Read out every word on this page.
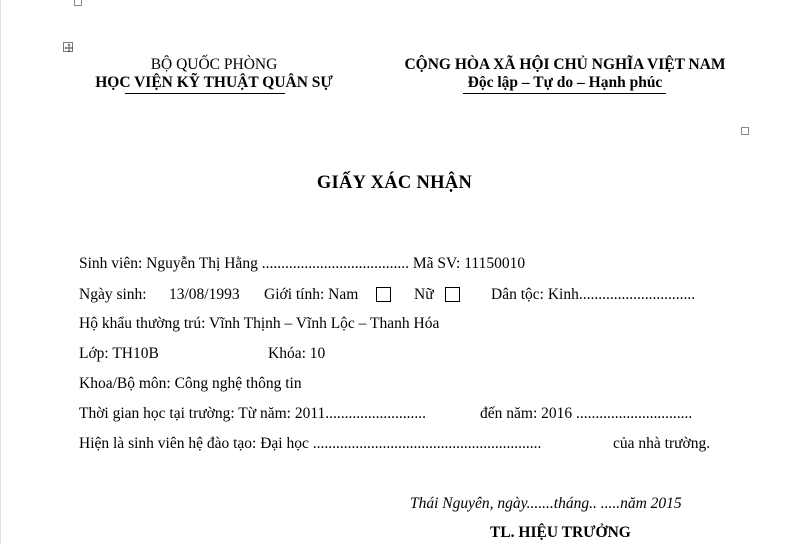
BỘ QUỐC PHÒNG
HỌC VIỆN KỸ THUẬT QUÂN SỰ
CỘNG HÒA XÃ HỘI CHỦ NGHĨA VIỆT NAM
Độc lập – Tự do – Hạnh phúc
GIẤY XÁC NHẬN
Sinh viên: Nguyễn Thị Hằng ...................................... Mã SV: 11150010
Ngày sinh: 13/08/1993 Giới tính: Nam	Nữ	Dân tộc: Kinh..............................
Hộ khẩu thường trú: Vĩnh Thịnh – Vĩnh Lộc – Thanh Hóa
Lớp: TH10B	Khóa: 10
Khoa/Bộ môn: Công nghệ thông tin
Thời gian học tại trường: Từ năm: 2011..........................	đến năm: 2016 ..............................
Hiện là sinh viên hệ đào tạo: Đại học ...........................................................	của nhà trường.
Thái Nguyên, ngày.......tháng.. .....năm 2015
TL. HIỆU TRƯỞNG
